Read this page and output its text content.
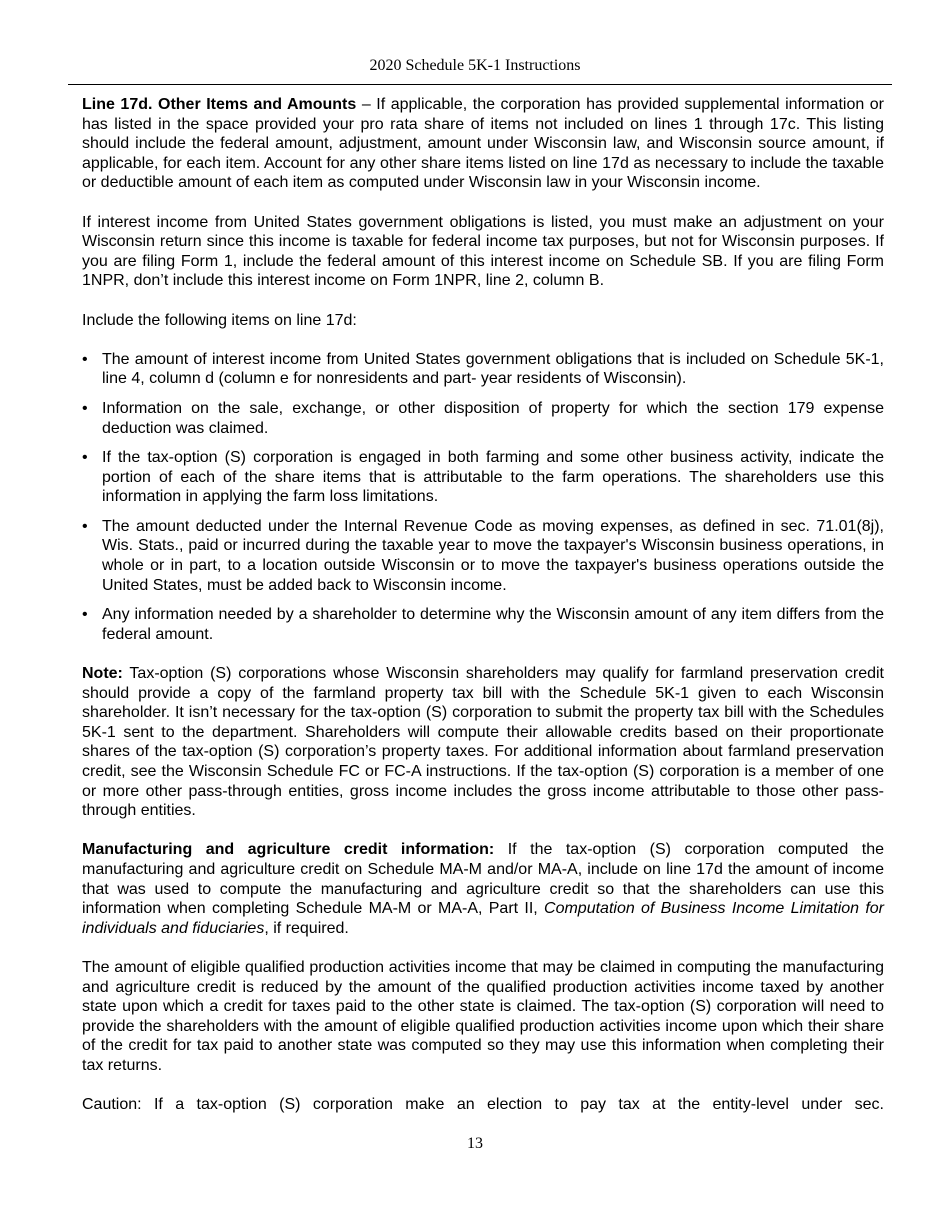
2020 Schedule 5K-1 Instructions

Line 17d. Other Items and Amounts – If applicable, the corporation has provided supplemental information or has listed in the space provided your pro rata share of items not included on lines 1 through 17c. This listing should include the federal amount, adjustment, amount under Wisconsin law, and Wisconsin source amount, if applicable, for each item. Account for any other share items listed on line 17d as necessary to include the taxable or deductible amount of each item as computed under Wisconsin law in your Wisconsin income.

If interest income from United States government obligations is listed, you must make an adjustment on your Wisconsin return since this income is taxable for federal income tax purposes, but not for Wisconsin purposes. If you are filing Form 1, include the federal amount of this interest income on Schedule SB. If you are filing Form 1NPR, don’t include this interest income on Form 1NPR, line 2, column B.

Include the following items on line 17d:

• The amount of interest income from United States government obligations that is included on Schedule 5K-1, line 4, column d (column e for nonresidents and part- year residents of Wisconsin).
• Information on the sale, exchange, or other disposition of property for which the section 179 expense deduction was claimed.
• If the tax-option (S) corporation is engaged in both farming and some other business activity, indicate the portion of each of the share items that is attributable to the farm operations. The shareholders use this information in applying the farm loss limitations.
• The amount deducted under the Internal Revenue Code as moving expenses, as defined in sec. 71.01(8j), Wis. Stats., paid or incurred during the taxable year to move the taxpayer's Wisconsin business operations, in whole or in part, to a location outside Wisconsin or to move the taxpayer's business operations outside the United States, must be added back to Wisconsin income.
• Any information needed by a shareholder to determine why the Wisconsin amount of any item differs from the federal amount.

Note: Tax-option (S) corporations whose Wisconsin shareholders may qualify for farmland preservation credit should provide a copy of the farmland property tax bill with the Schedule 5K-1 given to each Wisconsin shareholder. It isn’t necessary for the tax-option (S) corporation to submit the property tax bill with the Schedules 5K-1 sent to the department. Shareholders will compute their allowable credits based on their proportionate shares of the tax-option (S) corporation’s property taxes. For additional information about farmland preservation credit, see the Wisconsin Schedule FC or FC-A instructions. If the tax-option (S) corporation is a member of one or more other pass-through entities, gross income includes the gross income attributable to those other pass-through entities.

Manufacturing and agriculture credit information: If the tax-option (S) corporation computed the manufacturing and agriculture credit on Schedule MA-M and/or MA-A, include on line 17d the amount of income that was used to compute the manufacturing and agriculture credit so that the shareholders can use this information when completing Schedule MA-M or MA-A, Part II, Computation of Business Income Limitation for individuals and fiduciaries, if required.

The amount of eligible qualified production activities income that may be claimed in computing the manufacturing and agriculture credit is reduced by the amount of the qualified production activities income taxed by another state upon which a credit for taxes paid to the other state is claimed. The tax-option (S) corporation will need to provide the shareholders with the amount of eligible qualified production activities income upon which their share of the credit for tax paid to another state was computed so they may use this information when completing their tax returns.

Caution: If a tax-option (S) corporation make an election to pay tax at the entity-level under sec.

13
